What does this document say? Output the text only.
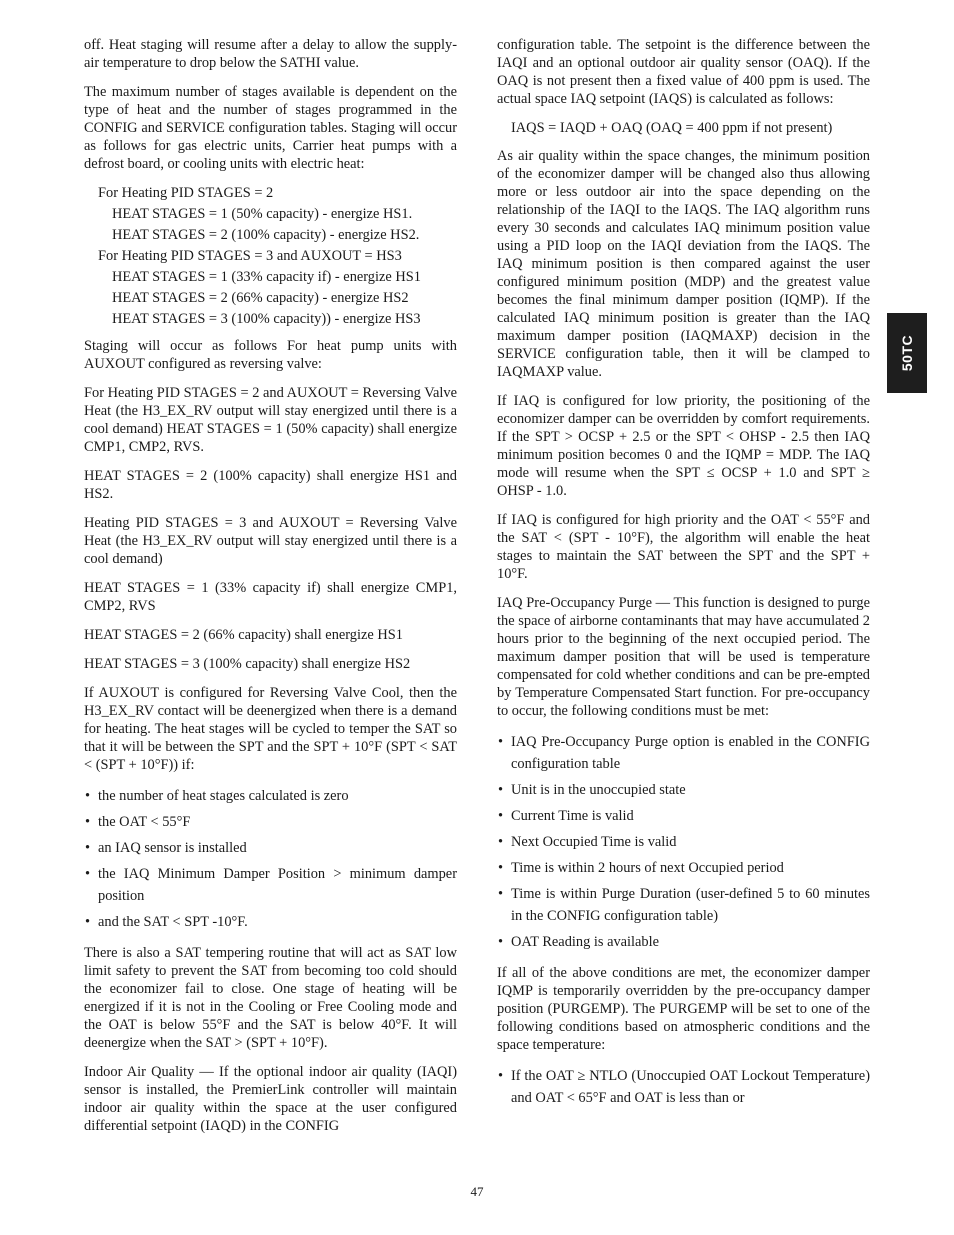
off. Heat staging will resume after a delay to allow the supply-air temperature to drop below the SATHI value.

The maximum number of stages available is dependent on the type of heat and the number of stages programmed in the CONFIG and SERVICE configuration tables. Staging will occur as follows for gas electric units, Carrier heat pumps with a defrost board, or cooling units with electric heat:

For Heating PID STAGES = 2
HEAT STAGES = 1 (50% capacity) - energize HS1.
HEAT STAGES = 2 (100% capacity) - energize HS2.
For Heating PID STAGES = 3 and AUXOUT = HS3
HEAT STAGES = 1 (33% capacity if) - energize HS1
HEAT STAGES = 2 (66% capacity) - energize HS2
HEAT STAGES = 3 (100% capacity)) - energize HS3

Staging will occur as follows For heat pump units with AUXOUT configured as reversing valve:

For Heating PID STAGES = 2 and AUXOUT = Reversing Valve Heat (the H3_EX_RV output will stay energized until there is a cool demand) HEAT STAGES = 1 (50% capacity) shall energize CMP1, CMP2, RVS.

HEAT STAGES = 2 (100% capacity) shall energize HS1 and HS2.

Heating PID STAGES = 3 and AUXOUT = Reversing Valve Heat (the H3_EX_RV output will stay energized until there is a cool demand)

HEAT STAGES = 1 (33% capacity if) shall energize CMP1, CMP2, RVS

HEAT STAGES = 2 (66% capacity) shall energize HS1

HEAT STAGES = 3 (100% capacity) shall energize HS2

If AUXOUT is configured for Reversing Valve Cool, then the H3_EX_RV contact will be deenergized when there is a demand for heating. The heat stages will be cycled to temper the SAT so that it will be between the SPT and the SPT + 10°F (SPT < SAT < (SPT + 10°F)) if:

• the number of heat stages calculated is zero
• the OAT < 55°F
• an IAQ sensor is installed
• the IAQ Minimum Damper Position > minimum damper position
• and the SAT < SPT -10°F.

There is also a SAT tempering routine that will act as SAT low limit safety to prevent the SAT from becoming too cold should the economizer fail to close. One stage of heating will be energized if it is not in the Cooling or Free Cooling mode and the OAT is below 55°F and the SAT is below 40°F. It will deenergize when the SAT > (SPT + 10°F).

Indoor Air Quality — If the optional indoor air quality (IAQI) sensor is installed, the PremierLink controller will maintain indoor air quality within the space at the user configured differential setpoint (IAQD) in the CONFIG

configuration table. The setpoint is the difference between the IAQI and an optional outdoor air quality sensor (OAQ). If the OAQ is not present then a fixed value of 400 ppm is used. The actual space IAQ setpoint (IAQS) is calculated as follows:

IAQS = IAQD + OAQ (OAQ = 400 ppm if not present)

As air quality within the space changes, the minimum position of the economizer damper will be changed also thus allowing more or less outdoor air into the space depending on the relationship of the IAQI to the IAQS. The IAQ algorithm runs every 30 seconds and calculates IAQ minimum position value using a PID loop on the IAQI deviation from the IAQS. The IAQ minimum position is then compared against the user configured minimum position (MDP) and the greatest value becomes the final minimum damper position (IQMP). If the calculated IAQ minimum position is greater than the IAQ maximum damper position (IAQMAXP) decision in the SERVICE configuration table, then it will be clamped to IAQMAXP value.

If IAQ is configured for low priority, the positioning of the economizer damper can be overridden by comfort requirements. If the SPT > OCSP + 2.5 or the SPT < OHSP - 2.5 then IAQ minimum position becomes 0 and the IQMP = MDP. The IAQ mode will resume when the SPT ≤ OCSP + 1.0 and SPT ≥ OHSP - 1.0.

If IAQ is configured for high priority and the OAT < 55°F and the SAT < (SPT - 10°F), the algorithm will enable the heat stages to maintain the SAT between the SPT and the SPT + 10°F.

IAQ Pre-Occupancy Purge — This function is designed to purge the space of airborne contaminants that may have accumulated 2 hours prior to the beginning of the next occupied period. The maximum damper position that will be used is temperature compensated for cold whether conditions and can be pre-empted by Temperature Compensated Start function. For pre-occupancy to occur, the following conditions must be met:

• IAQ Pre-Occupancy Purge option is enabled in the CONFIG configuration table
• Unit is in the unoccupied state
• Current Time is valid
• Next Occupied Time is valid
• Time is within 2 hours of next Occupied period
• Time is within Purge Duration (user-defined 5 to 60 minutes in the CONFIG configuration table)
• OAT Reading is available

If all of the above conditions are met, the economizer damper IQMP is temporarily overridden by the pre-occupancy damper position (PURGEMP). The PURGEMP will be set to one of the following conditions based on atmospheric conditions and the space temperature:

• If the OAT ≥ NTLO (Unoccupied OAT Lockout Temperature) and OAT < 65°F and OAT is less than or
50TC
47
